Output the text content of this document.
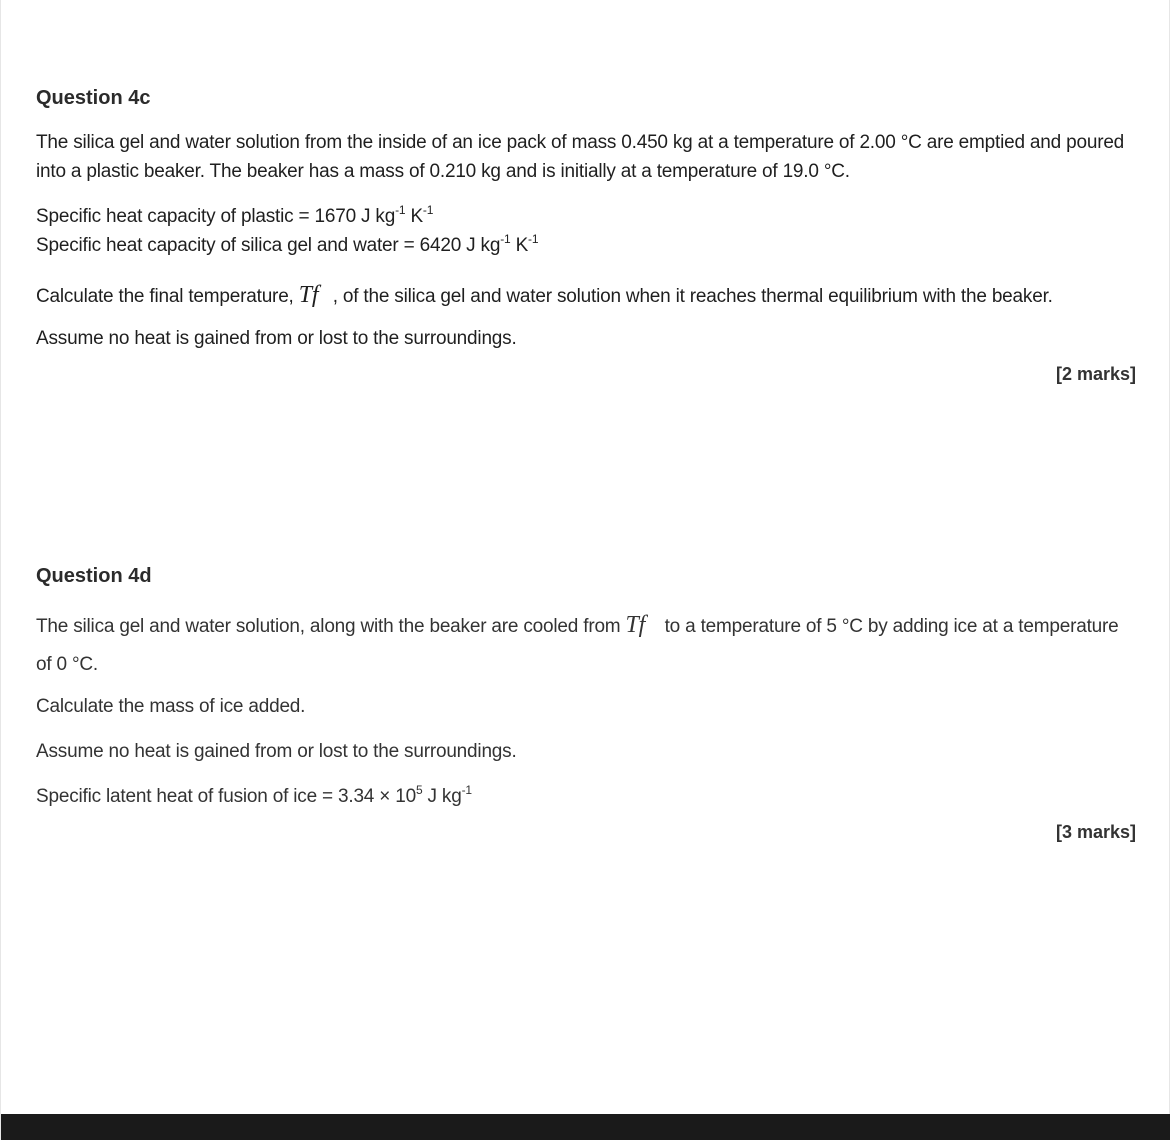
Question 4c

The silica gel and water solution from the inside of an ice pack of mass 0.450 kg at a temperature of 2.00 °C are emptied and poured into a plastic beaker. The beaker has a mass of 0.210 kg and is initially at a temperature of 19.0 °C.

Specific heat capacity of plastic = 1670 J $kg^{-1}$ $K^{-1}$

Specific heat capacity of silica gel and water = 6420 J $kg^{-1}$ $K^{-1}$

Calculate the final temperature, Tf , of the silica gel and water solution when it reaches thermal equilibrium with the beaker.

Assume no heat is gained from or lost to the surroundings.

[2 marks]
Question 4d

The silica gel and water solution, along with the beaker are cooled from Tf to a temperature of 5 °C by adding ice at a temperature of 0 °C.

Calculate the mass of ice added.

Assume no heat is gained from or lost to the surroundings.

Specific latent heat of fusion of ice = $3.34 \times 10^5$ J $kg^{-1}$

[3 marks]
